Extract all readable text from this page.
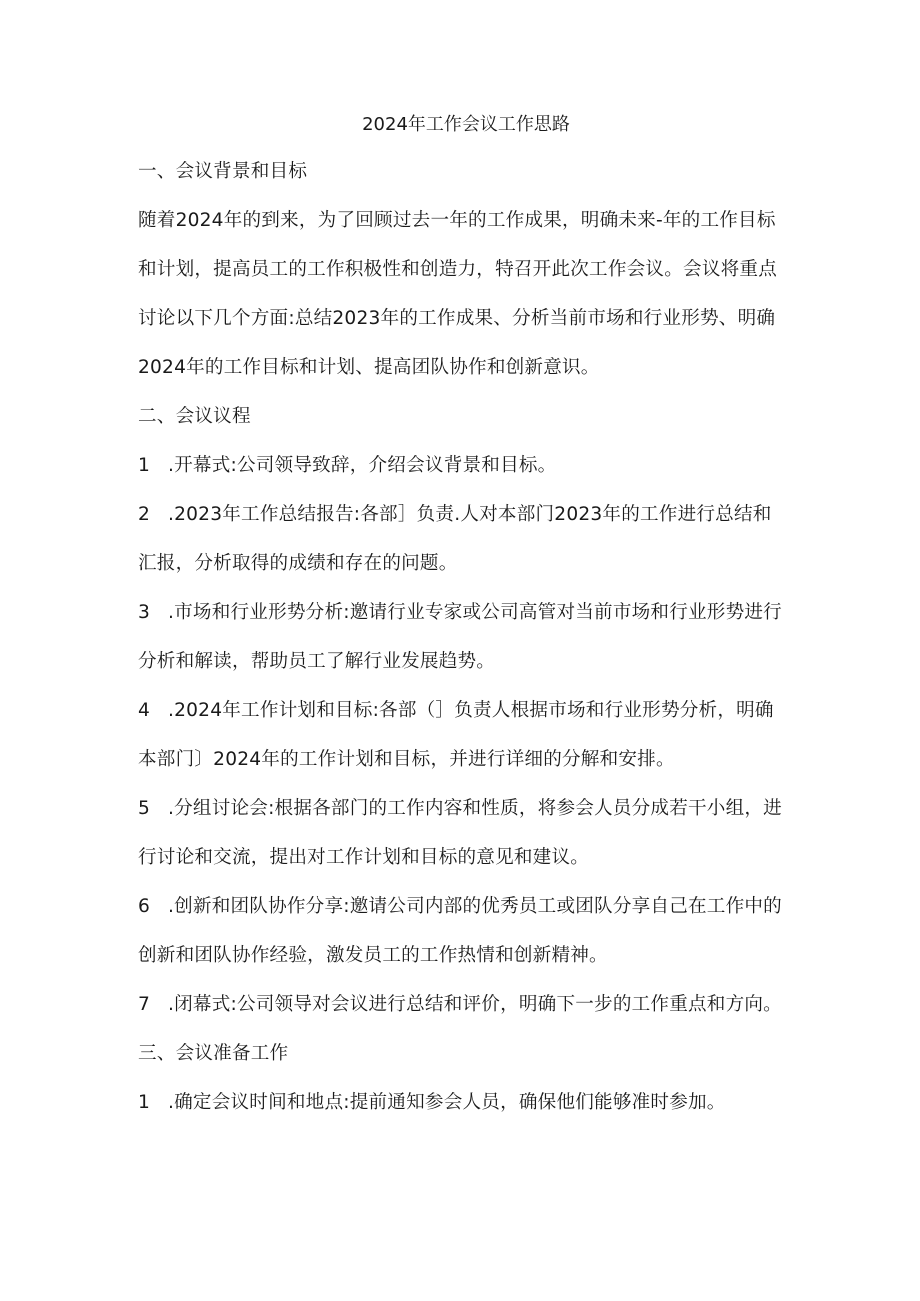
2024年工作会议工作思路

一、会议背景和目标

随着2024年的到来，为了回顾过去一年的工作成果，明确未来-年的工作目标和计划，提高员工的工作积极性和创造力，特召开此次工作会议。会议将重点讨论以下几个方面:总结2023年的工作成果、分析当前市场和行业形势、明确2024年的工作目标和计划、提高团队协作和创新意识。

二、会议议程

1 .开幕式:公司领导致辞，介绍会议背景和目标。

2 .2023年工作总结报告:各部］负责.人对本部门2023年的工作进行总结和汇报，分析取得的成绩和存在的问题。

3 .市场和行业形势分析:邀请行业专家或公司高管对当前市场和行业形势进行分析和解读，帮助员工了解行业发展趋势。

4 .2024年工作计划和目标:各部（］负责人根据市场和行业形势分析，明确本部门〕2024年的工作计划和目标，并进行详细的分解和安排。

5 .分组讨论会:根据各部门的工作内容和性质，将参会人员分成若干小组，进行讨论和交流，提出对工作计划和目标的意见和建议。

6 .创新和团队协作分享:邀请公司内部的优秀员工或团队分享自己在工作中的创新和团队协作经验，激发员工的工作热情和创新精神。

7 .闭幕式:公司领导对会议进行总结和评价，明确下一步的工作重点和方向。

三、会议准备工作

1 .确定会议时间和地点:提前通知参会人员，确保他们能够准时参加。
